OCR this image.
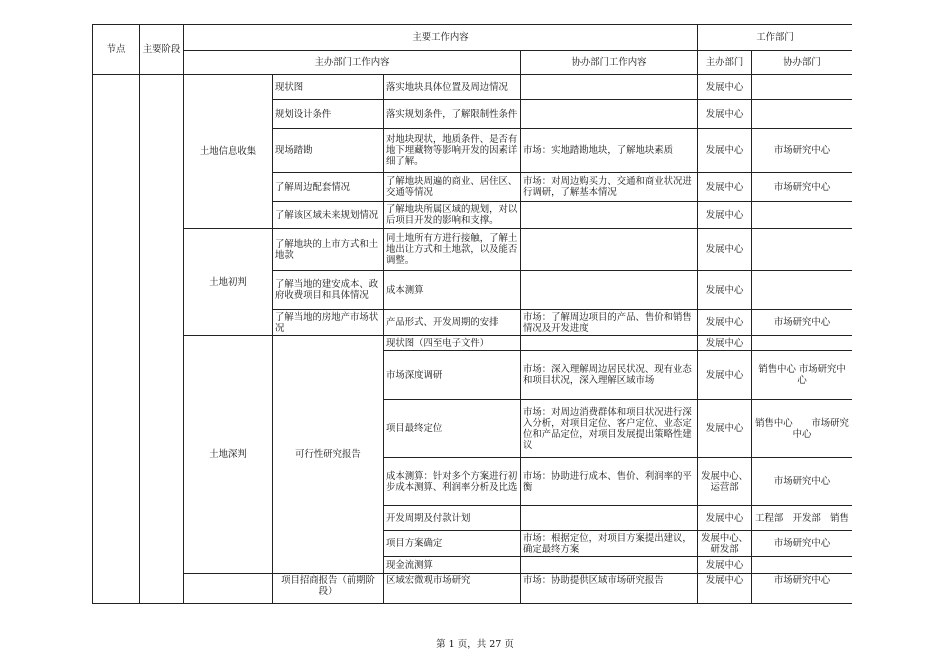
节点	主要阶段	主要工作内容				工作部门	
		主办部门工作内容			协办部门工作内容	主办部门	协办部门
		土地信息收集	现状图	落实地块具体位置及周边情况		发展中心	
			规划设计条件	落实规划条件，了解限制性条件		发展中心	
			现场踏勘	对地块现状，地质条件、是否有地下埋藏物等影响开发的因素详细了解。	市场：实地踏勘地块，了解地块素质	发展中心	市场研究中心
			了解周边配套情况	了解地块周遍的商业、居住区、交通等情况	市场：对周边购买力、交通和商业状况进行调研，了解基本情况	发展中心	市场研究中心
			了解该区域未来规划情况	了解地块所属区域的规划，对以后项目开发的影响和支撑。		发展中心	
		土地初判	了解地块的上市方式和土地款	同土地所有方进行接触，了解土地出让方式和土地款，以及能否调整。		发展中心	
			了解当地的建安成本、政府收费项目和具体情况	成本测算		发展中心	
			了解当地的房地产市场状况	产品形式、开发周期的安排	市场：了解周边项目的产品、售价和销售情况及开发进度	发展中心	市场研究中心
		土地深判	可行性研究报告	现状图（四至电子文件）		发展中心	
				市场深度调研	市场：深入理解周边居民状况、现有业态和项目状况，深入理解区域市场	发展中心	销售中心 市场研究中心
				项目最终定位	市场：对周边消费群体和项目状况进行深入分析，对项目定位、客户定位、业态定位和产品定位，对项目发展提出策略性建议	发展中心	销售中心　　市场研究中心
				成本测算：针对多个方案进行初步成本测算、利润率分析及比选	市场：协助进行成本、售价、利润率的平衡	发展中心、运营部	市场研究中心
				开发周期及付款计划		发展中心	工程部　开发部　销售
				项目方案确定	市场：根据定位，对项目方案提出建议，确定最终方案	发展中心、研发部	市场研究中心
				现金流测算		发展中心	
			项目招商报告（前期阶段）	区域宏微观市场研究	市场：协助提供区域市场研究报告	发展中心	市场研究中心
第 1 页，共 27 页
